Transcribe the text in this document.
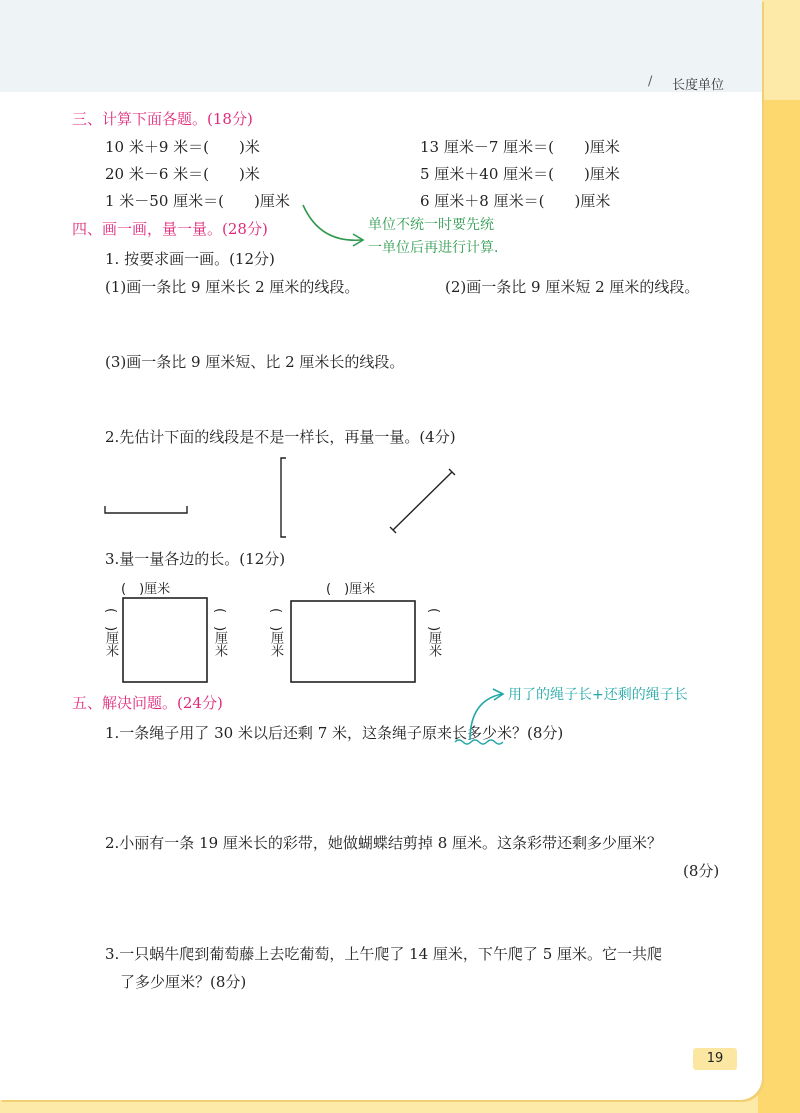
/ 长度单位
三、计算下面各题。(18分)
10 米＋9 米＝(　　)米	13 厘米－7 厘米＝(　　)厘米
20 米－6 米＝(　　)米	5 厘米＋40 厘米＝(　　)厘米
1 米－50 厘米＝(　　)厘米	6 厘米＋8 厘米＝(　　)厘米
四、画一画，量一量。(28分)	单位不统一时要先统
一单位后再进行计算.
1. 按要求画一画。(12分)
(1)画一条比 9 厘米长 2 厘米的线段。	(2)画一条比 9 厘米短 2 厘米的线段。
(3)画一条比 9 厘米短、比 2 厘米长的线段。
2.先估计下面的线段是不是一样长，再量一量。(4分)
3.量一量各边的长。(12分)
(　)厘米
(　)厘米	(　)厘米
(　)厘米
(　)厘米	(　)厘米
五、解决问题。(24分)	用了的绳子长+还剩的绳子长
1.一条绳子用了 30 米以后还剩 7 米，这条绳子原来长多少米？(8分)
2.小丽有一条 19 厘米长的彩带，她做蝴蝶结剪掉 8 厘米。这条彩带还剩多少厘米？
(8分)
3.一只蜗牛爬到葡萄藤上去吃葡萄，上午爬了 14 厘米，下午爬了 5 厘米。它一共爬
了多少厘米？(8分)
19
